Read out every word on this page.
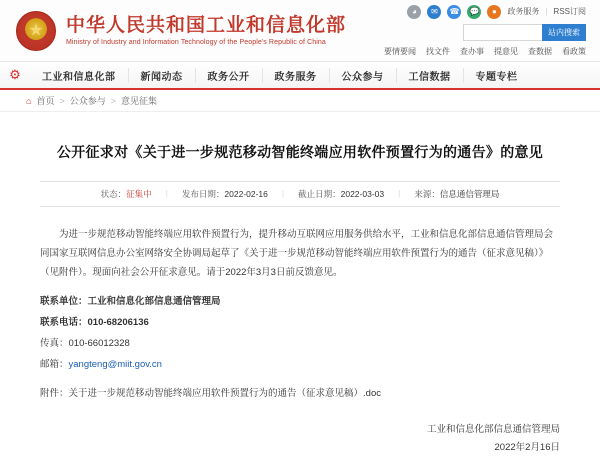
★
中华人民共和国工业和信息化部
Ministry of Industry and Information Technology of the People's Republic of China
◕	✉	☎ 💬	●	政务服务 | RSS订阅
站内搜索
要情要闻 找文件 查办事 提意见 查数据 看政策
⚙	工业和信息化部	新闻动态	政务公开	政务服务	公众参与	工信数据	专题专栏
⌂ 首页 > 公众参与 > 意见征集
公开征求对《关于进一步规范移动智能终端应用软件预置行为的通告》的意见
状态：征集中 | 发布日期：2022-02-16 | 截止日期：2022-03-03 | 来源：信息通信管理局

为进一步规范移动智能终端应用软件预置行为，提升移动互联网应用服务供给水平，工业和信息化部信息通信管理局会同国家互联网信息办公室网络安全协调局起草了《关于进一步规范移动智能终端应用软件预置行为的通告（征求意见稿）》（见附件）。现面向社会公开征求意见。请于2022年3月3日前反馈意见。

联系单位：工业和信息化部信息通信管理局

联系电话：010-68206136

传真：010-66012328

邮箱：yangteng@miit.gov.cn

附件：关于进一步规范移动智能终端应用软件预置行为的通告（征求意见稿）.doc

工业和信息化部信息通信管理局
2022年2月16日
